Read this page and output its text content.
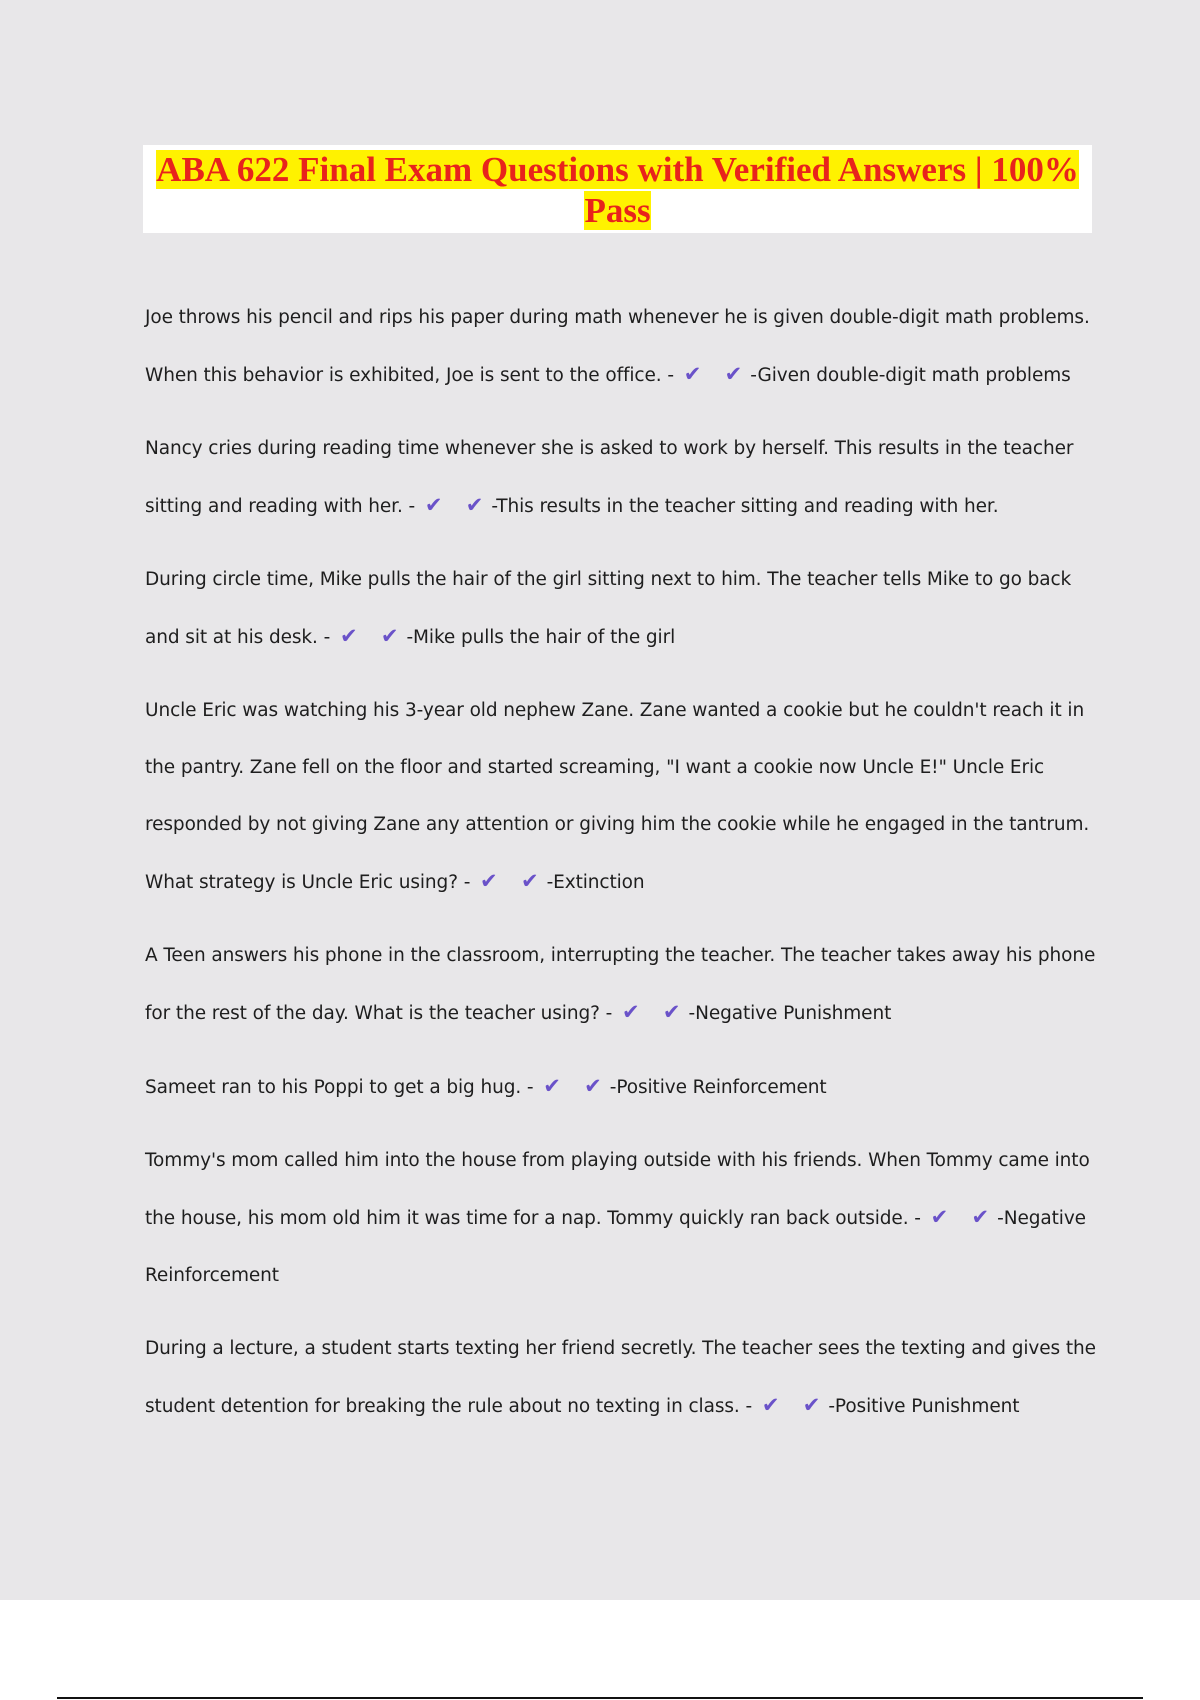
ABA 622 Final Exam Questions with Verified Answers | 100% Pass

Joe throws his pencil and rips his paper during math whenever he is given double-digit math problems. When this behavior is exhibited, Joe is sent to the office. - ✔ ✔-Given double-digit math problems

Nancy cries during reading time whenever she is asked to work by herself. This results in the teacher sitting and reading with her. - ✔ ✔-This results in the teacher sitting and reading with her.

During circle time, Mike pulls the hair of the girl sitting next to him. The teacher tells Mike to go back and sit at his desk. - ✔ ✔-Mike pulls the hair of the girl

Uncle Eric was watching his 3-year old nephew Zane. Zane wanted a cookie but he couldn't reach it in the pantry. Zane fell on the floor and started screaming, "I want a cookie now Uncle E!" Uncle Eric responded by not giving Zane any attention or giving him the cookie while he engaged in the tantrum. What strategy is Uncle Eric using? - ✔ ✔-Extinction

A Teen answers his phone in the classroom, interrupting the teacher. The teacher takes away his phone for the rest of the day. What is the teacher using? - ✔ ✔-Negative Punishment

Sameet ran to his Poppi to get a big hug. - ✔ ✔-Positive Reinforcement

Tommy's mom called him into the house from playing outside with his friends. When Tommy came into the house, his mom old him it was time for a nap. Tommy quickly ran back outside. - ✔ ✔-Negative Reinforcement

During a lecture, a student starts texting her friend secretly. The teacher sees the texting and gives the student detention for breaking the rule about no texting in class. - ✔ ✔-Positive Punishment
